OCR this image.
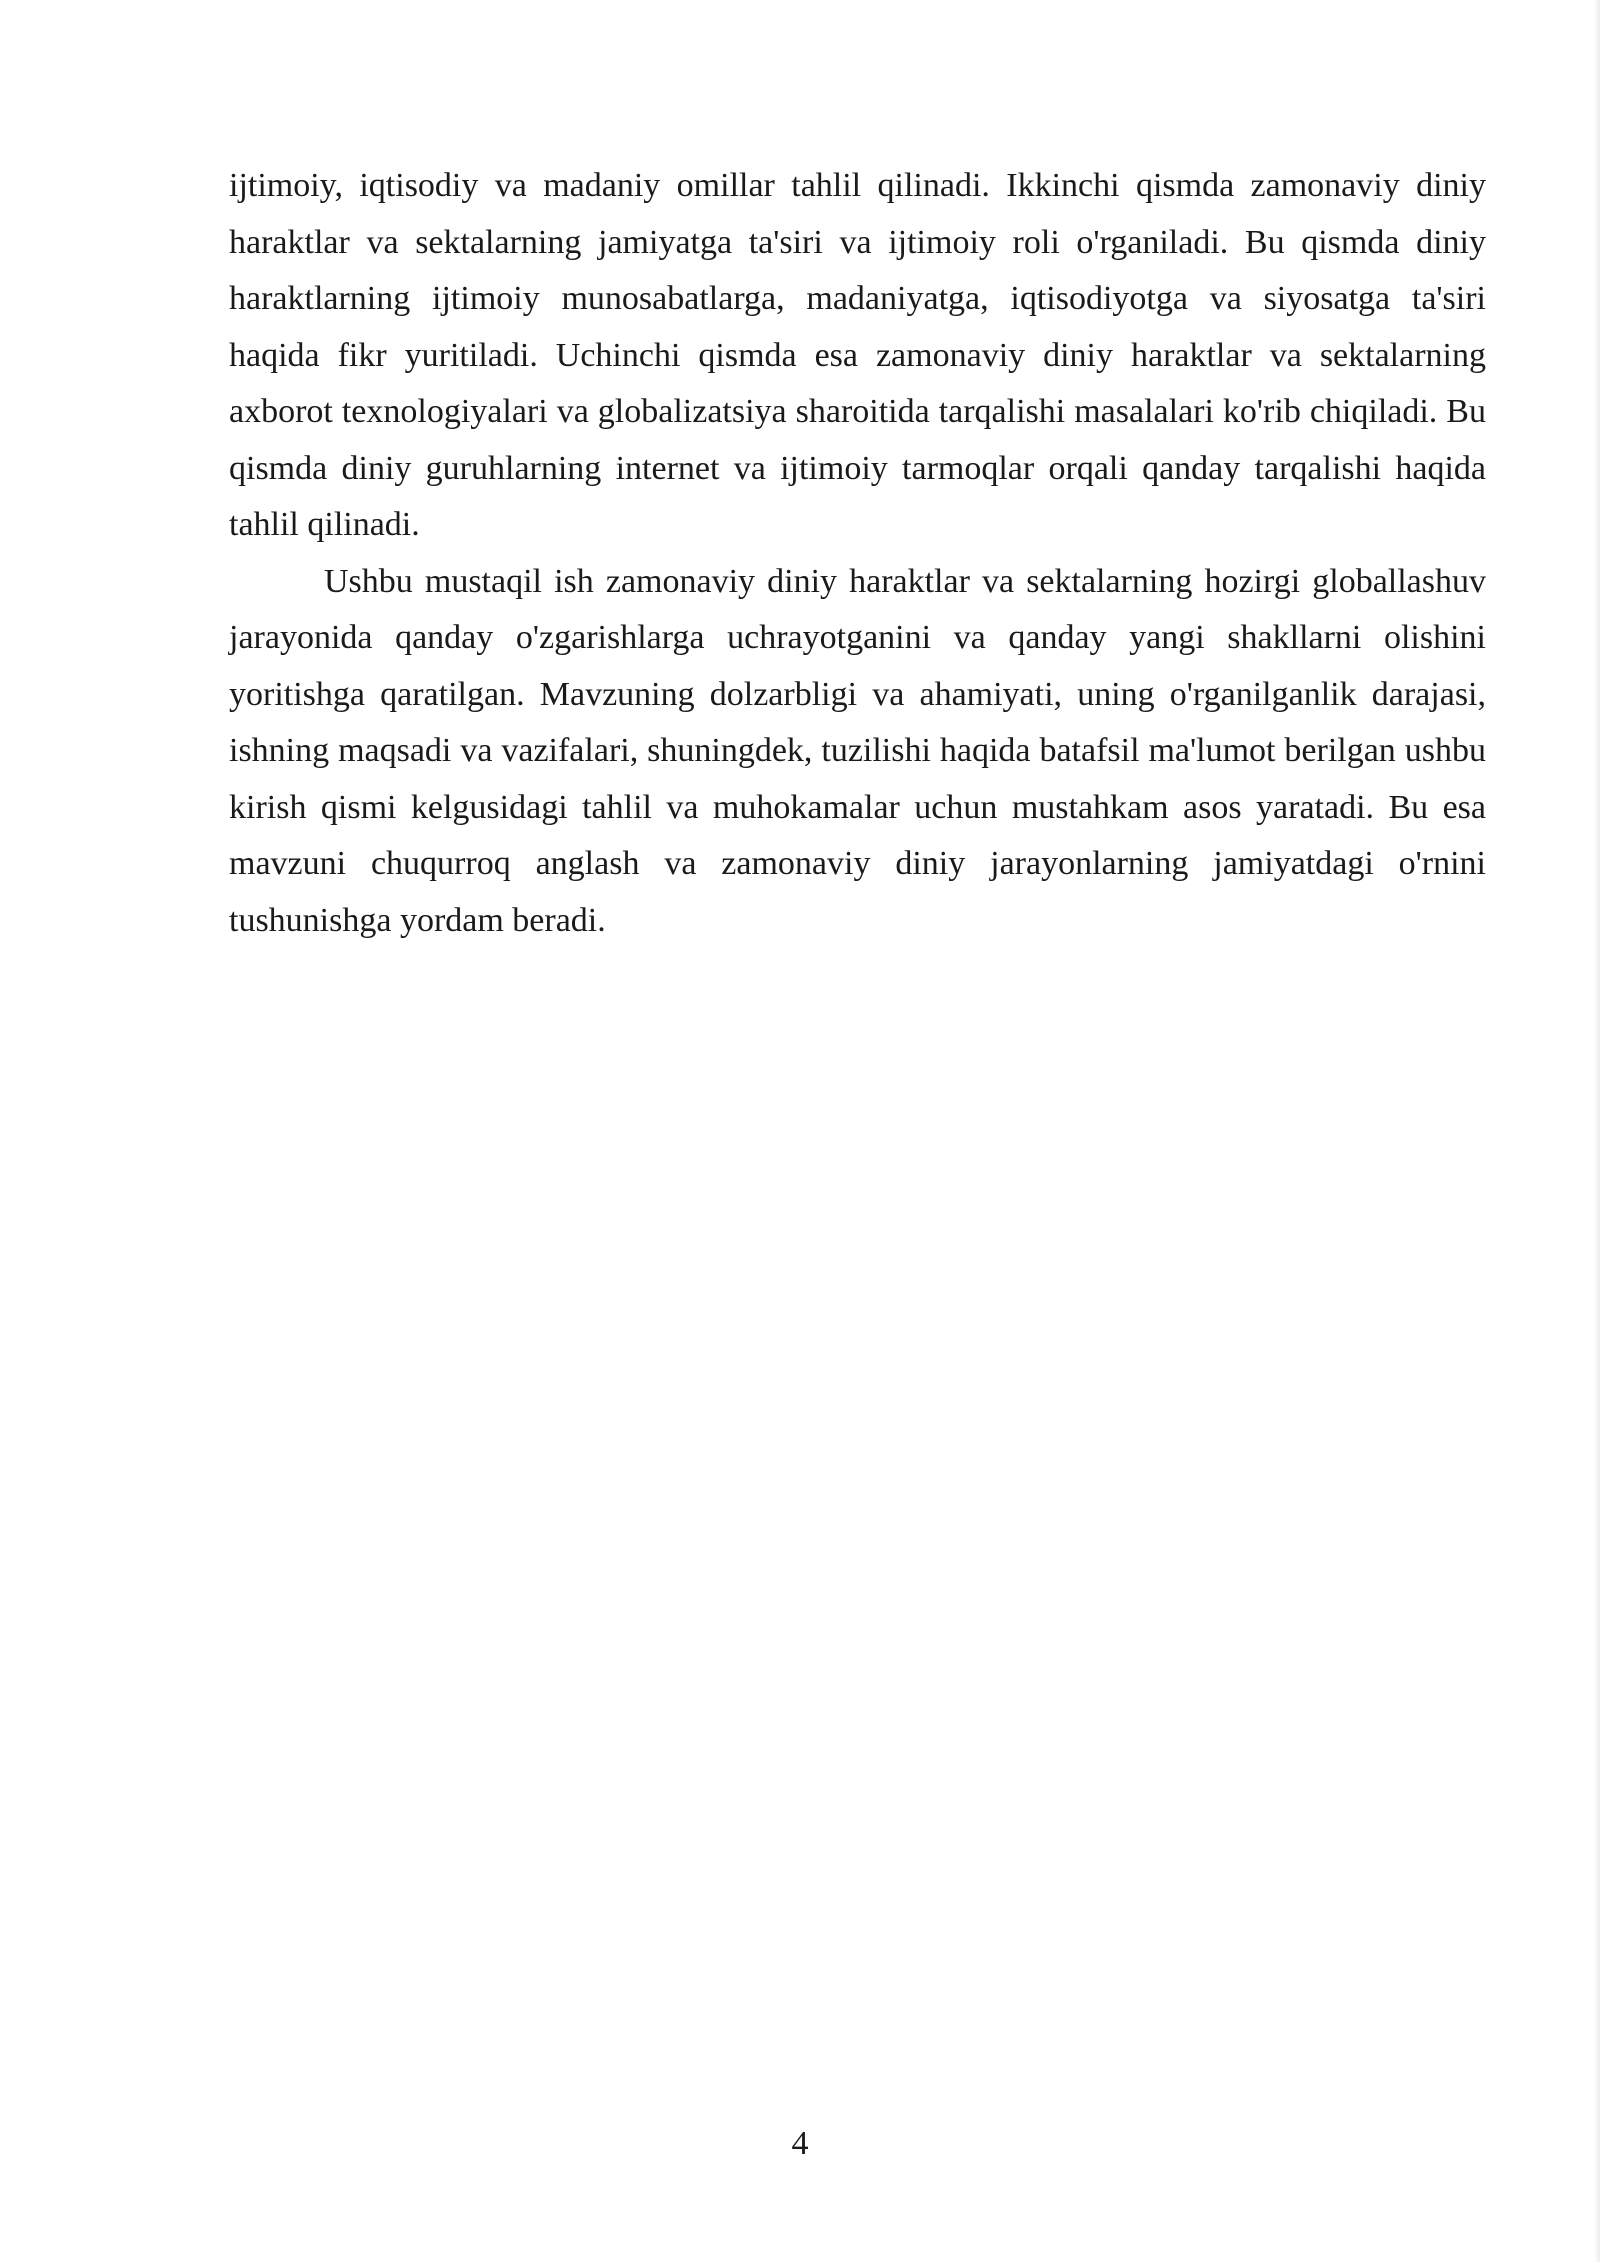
ijtimoiy, iqtisodiy va madaniy omillar tahlil qilinadi. Ikkinchi qismda zamonaviy diniy haraktlar va sektalarning jamiyatga ta'siri va ijtimoiy roli o'rganiladi. Bu qismda diniy haraktlarning ijtimoiy munosabatlarga, madaniyatga, iqtisodiyotga va siyosatga ta'siri haqida fikr yuritiladi. Uchinchi qismda esa zamonaviy diniy haraktlar va sektalarning axborot texnologiyalari va globalizatsiya sharoitida tarqalishi masalalari ko'rib chiqiladi. Bu qismda diniy guruhlarning internet va ijtimoiy tarmoqlar orqali qanday tarqalishi haqida tahlil qilinadi.

Ushbu mustaqil ish zamonaviy diniy haraktlar va sektalarning hozirgi globallashuv jarayonida qanday o'zgarishlarga uchrayotganini va qanday yangi shakllarni olishini yoritishga qaratilgan. Mavzuning dolzarbligi va ahamiyati, uning o'rganilganlik darajasi, ishning maqsadi va vazifalari, shuningdek, tuzilishi haqida batafsil ma'lumot berilgan ushbu kirish qismi kelgusidagi tahlil va muhokamalar uchun mustahkam asos yaratadi. Bu esa mavzuni chuqurroq anglash va zamonaviy diniy jarayonlarning jamiyatdagi o'rnini tushunishga yordam beradi.

4
